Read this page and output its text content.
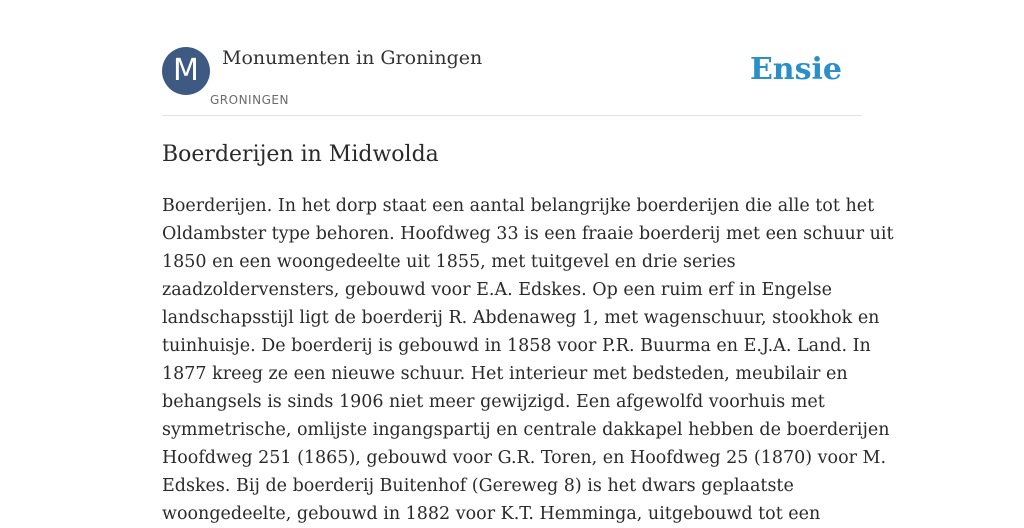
M	Monumenten in Groningen
GRONINGEN
Ensie
Boerderijen in Midwolda
Boerderijen. In het dorp staat een aantal belangrijke boerderijen die alle tot het
Oldambster type behoren. Hoofdweg 33 is een fraaie boerderij met een schuur uit
1850 en een woongedeelte uit 1855, met tuitgevel en drie series
zaadzoldervensters, gebouwd voor E.A. Edskes. Op een ruim erf in Engelse
landschapsstijl ligt de boerderij R. Abdenaweg 1, met wagenschuur, stookhok en
tuinhuisje. De boerderij is gebouwd in 1858 voor P.R. Buurma en E.J.A. Land. In
1877 kreeg ze een nieuwe schuur. Het interieur met bedsteden, meubilair en
behangsels is sinds 1906 niet meer gewijzigd. Een afgewolfd voorhuis met
symmetrische, omlijste ingangspartij en centrale dakkapel hebben de boerderijen
Hoofdweg 251 (1865), gebouwd voor G.R. Toren, en Hoofdweg 25 (1870) voor M.
Edskes. Bij de boerderij Buitenhof (Gereweg 8) is het dwars geplaatste
woongedeelte, gebouwd in 1882 voor K.T. Hemminga, uitgebouwd tot een
